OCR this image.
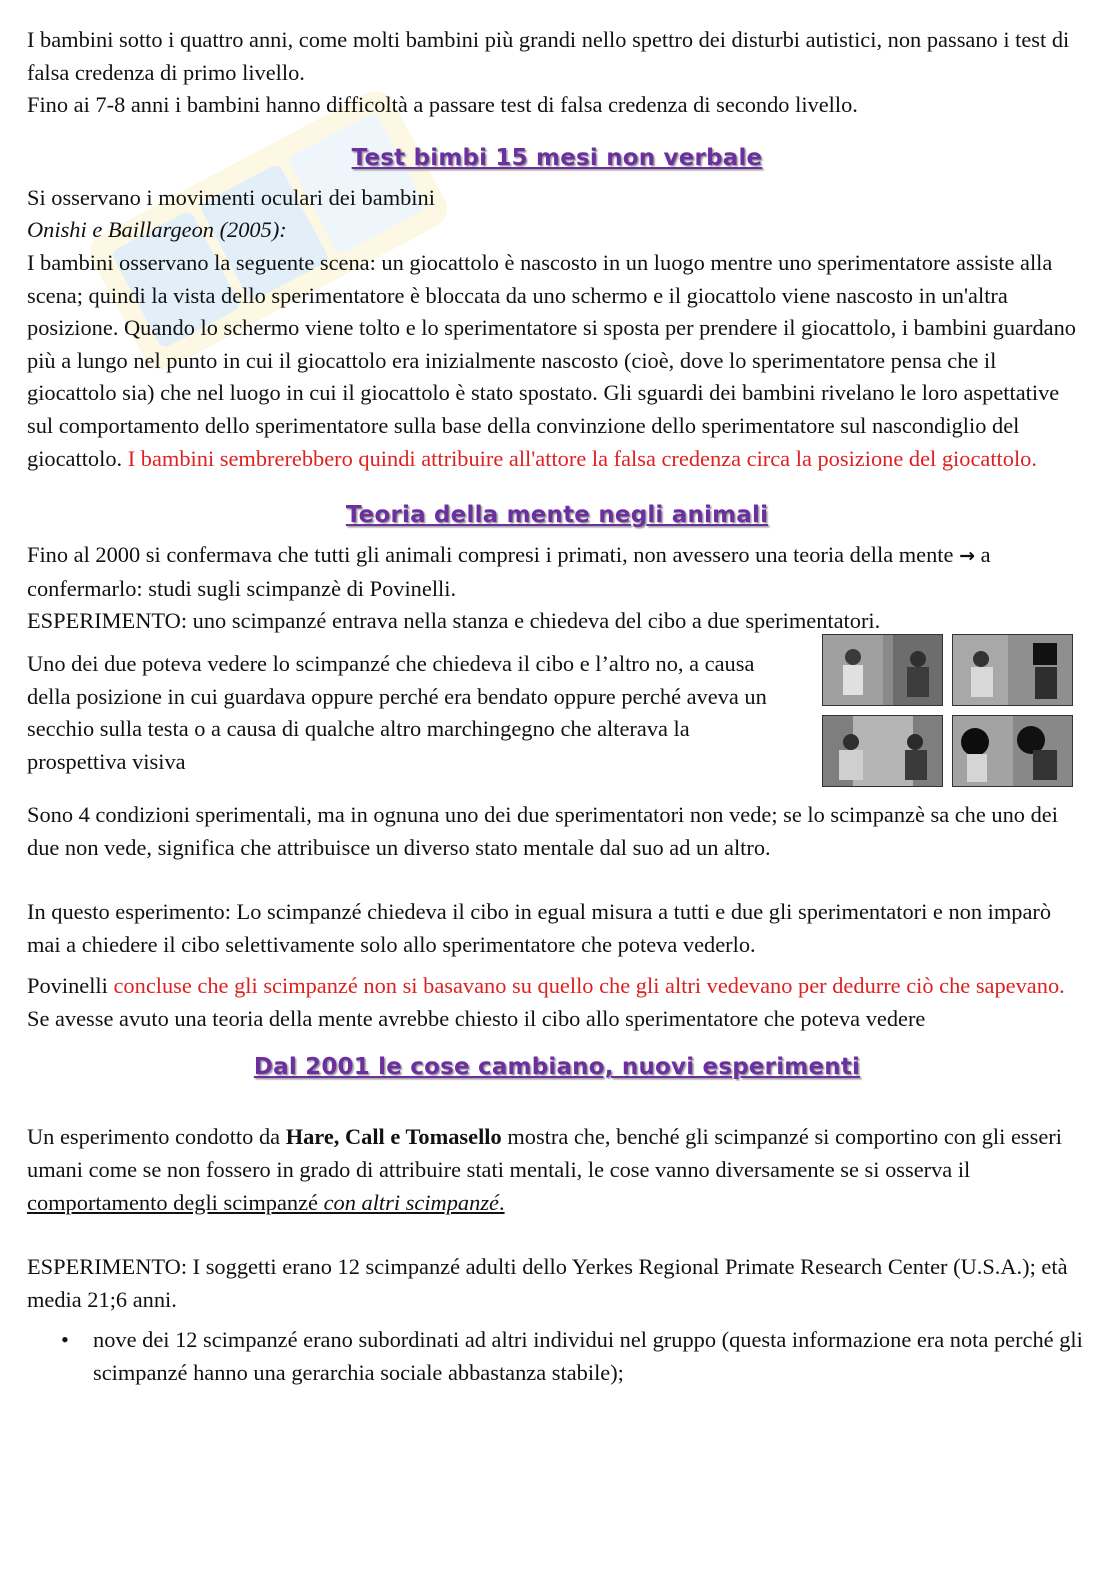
I bambini sotto i quattro anni, come molti bambini più grandi nello spettro dei disturbi autistici, non passano i test di falsa credenza di primo livello.

Fino ai 7-8 anni i bambini hanno difficoltà a passare test di falsa credenza di secondo livello.

Test bimbi 15 mesi non verbale

Si osservano i movimenti oculari dei bambini

Onishi e Baillargeon (2005):

I bambini osservano la seguente scena: un giocattolo è nascosto in un luogo mentre uno sperimentatore assiste alla scena; quindi la vista dello sperimentatore è bloccata da uno schermo e il giocattolo viene nascosto in un'altra posizione. Quando lo schermo viene tolto e lo sperimentatore si sposta per prendere il giocattolo, i bambini guardano più a lungo nel punto in cui il giocattolo era inizialmente nascosto (cioè, dove lo sperimentatore pensa che il giocattolo sia) che nel luogo in cui il giocattolo è stato spostato. Gli sguardi dei bambini rivelano le loro aspettative sul comportamento dello sperimentatore sulla base della convinzione dello sperimentatore sul nascondiglio del giocattolo. I bambini sembrerebbero quindi attribuire all'attore la falsa credenza circa la posizione del giocattolo.

Teoria della mente negli animali

Fino al 2000 si confermava che tutti gli animali compresi i primati, non avessero una teoria della mente → a confermarlo: studi sugli scimpanzè di Povinelli.

ESPERIMENTO: uno scimpanzé entrava nella stanza e chiedeva del cibo a due sperimentatori.

Uno dei due poteva vedere lo scimpanzé che chiedeva il cibo e l’altro no, a causa della posizione in cui guardava oppure perché era bendato oppure perché aveva un secchio sulla testa o a causa di qualche altro marchingegno che alterava la prospettiva visiva

Sono 4 condizioni sperimentali, ma in ognuna uno dei due sperimentatori non vede; se lo scimpanzè sa che uno dei due non vede, significa che attribuisce un diverso stato mentale dal suo ad un altro.

In questo esperimento: Lo scimpanzé chiedeva il cibo in egual misura a tutti e due gli sperimentatori e non imparò mai a chiedere il cibo selettivamente solo allo sperimentatore che poteva vederlo.

Povinelli concluse che gli scimpanzé non si basavano su quello che gli altri vedevano per dedurre ciò che sapevano.

Se avesse avuto una teoria della mente avrebbe chiesto il cibo allo sperimentatore che poteva vedere

Dal 2001 le cose cambiano, nuovi esperimenti

Un esperimento condotto da Hare, Call e Tomasello mostra che, benché gli scimpanzé si comportino con gli esseri umani come se non fossero in grado di attribuire stati mentali, le cose vanno diversamente se si osserva il comportamento degli scimpanzé con altri scimpanzé.

ESPERIMENTO: I soggetti erano 12 scimpanzé adulti dello Yerkes Regional Primate Research Center (U.S.A.); età media 21;6 anni.

• nove dei 12 scimpanzé erano subordinati ad altri individui nel gruppo (questa informazione era nota perché gli scimpanzé hanno una gerarchia sociale abbastanza stabile);
